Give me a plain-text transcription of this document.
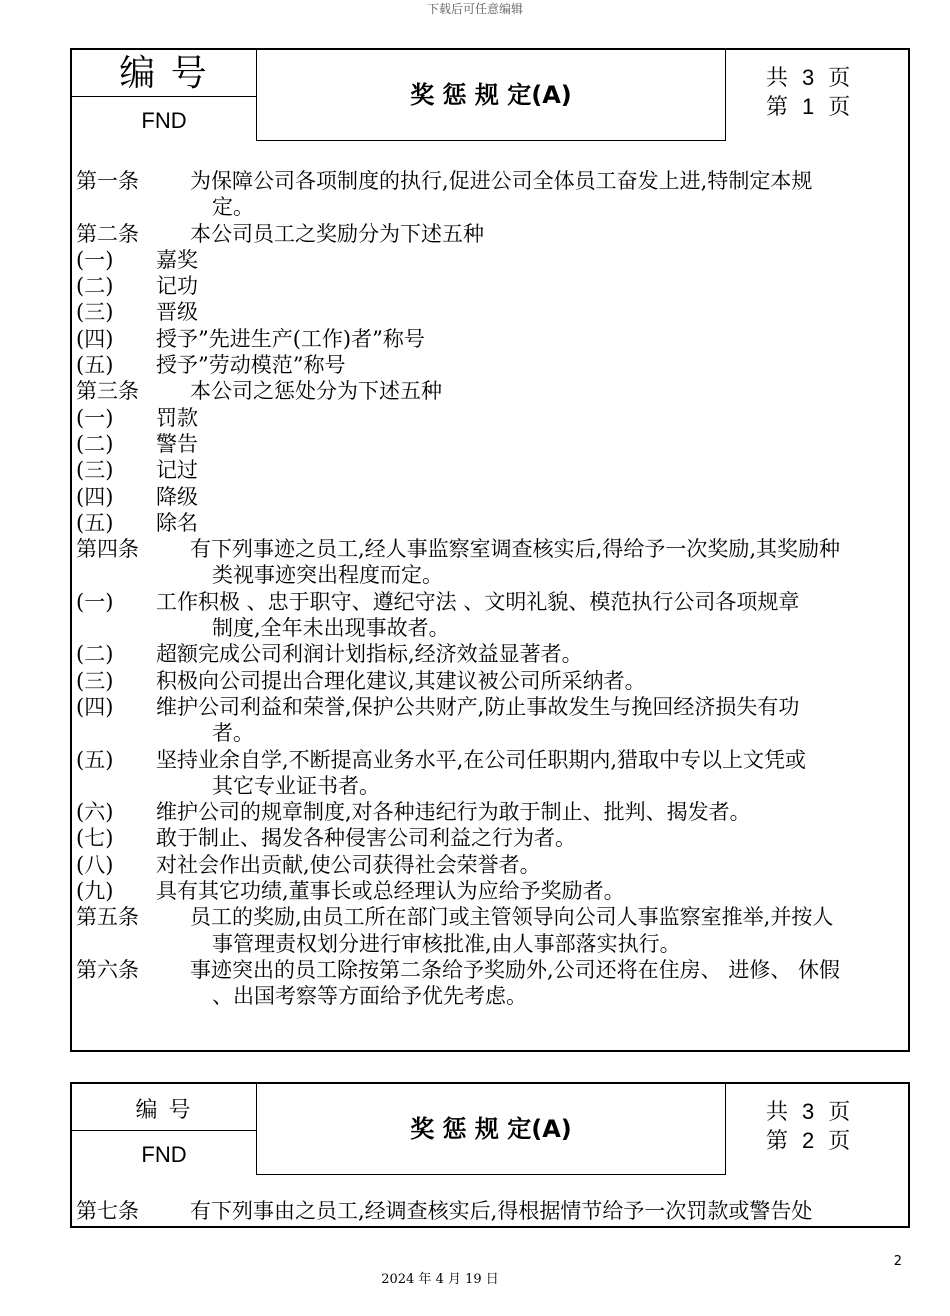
下载后可任意编辑
编 号
FND
奖 惩 规 定(A)
共 3 页
第 1 页
第一条 为保障公司各项制度的执行,促进公司全体员工奋发上进,特制定本规
定。
第二条 本公司员工之奖励分为下述五种
(一) 嘉奖
(二) 记功
(三) 晋级
(四) 授予”先进生产(工作)者”称号
(五) 授予”劳动模范”称号
第三条 本公司之惩处分为下述五种
(一) 罚款
(二) 警告
(三) 记过
(四) 降级
(五) 除名
第四条 有下列事迹之员工,经人事监察室调查核实后,得给予一次奖励,其奖励种
类视事迹突出程度而定。
(一) 工作积极 、忠于职守、遵纪守法 、文明礼貌、模范执行公司各项规章
制度,全年未出现事故者。
(二) 超额完成公司利润计划指标,经济效益显著者。
(三) 积极向公司提出合理化建议,其建议被公司所采纳者。
(四) 维护公司利益和荣誉,保护公共财产,防止事故发生与挽回经济损失有功
者。
(五) 坚持业余自学,不断提高业务水平,在公司任职期内,猎取中专以上文凭或
其它专业证书者。
(六) 维护公司的规章制度,对各种违纪行为敢于制止、批判、揭发者。
(七) 敢于制止、揭发各种侵害公司利益之行为者。
(八) 对社会作出贡献,使公司获得社会荣誉者。
(九) 具有其它功绩,董事长或总经理认为应给予奖励者。
第五条 员工的奖励,由员工所在部门或主管领导向公司人事监察室推举,并按人
事管理责权划分进行审核批准,由人事部落实执行。
第六条 事迹突出的员工除按第二条给予奖励外,公司还将在住房、 进修、 休假
、出国考察等方面给予优先考虑。
编 号
FND
奖 惩 规 定(A)
共 3 页
第 2 页
第七条 有下列事由之员工,经调查核实后,得根据情节给予一次罚款或警告处
2
2024 年 4 月 19 日
